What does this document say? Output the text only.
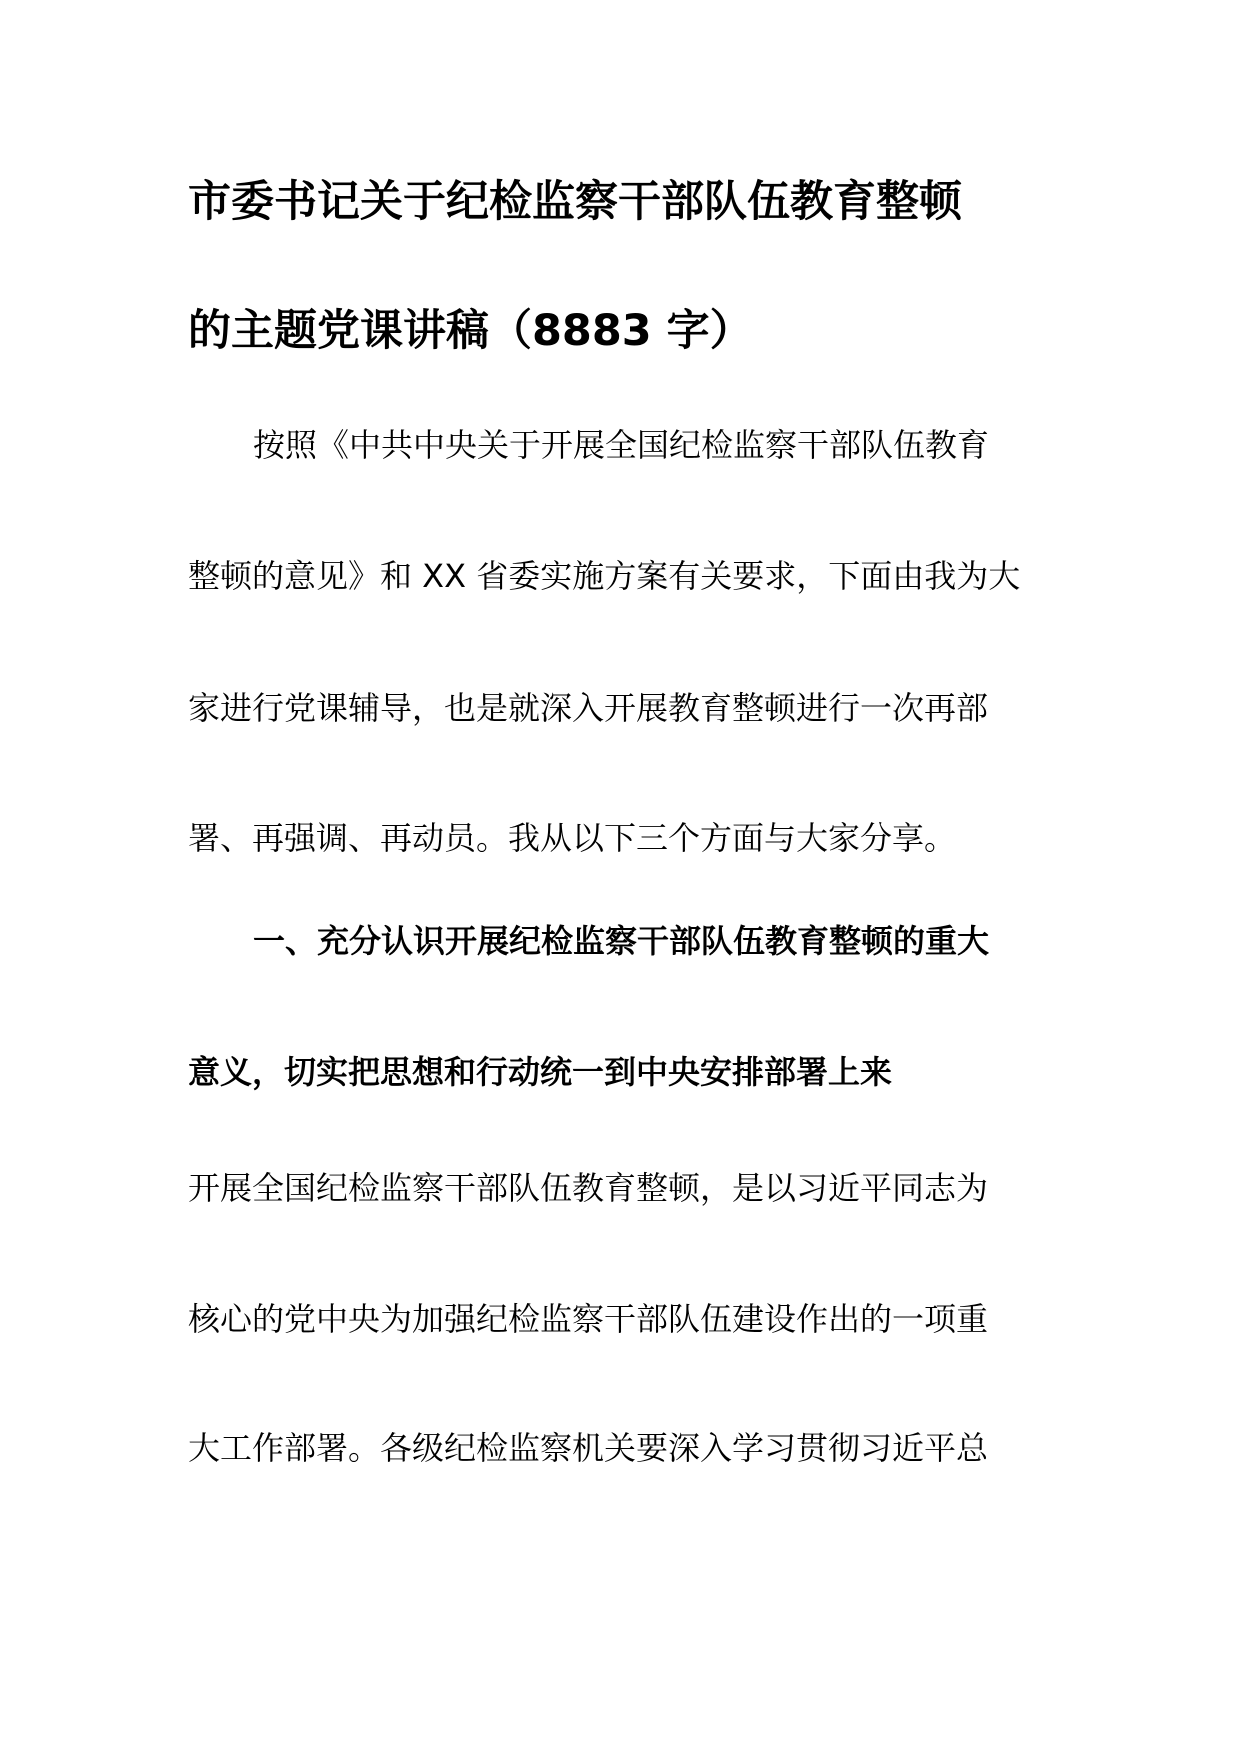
市委书记关于纪检监察干部队伍教育整顿
的主题党课讲稿（8883 字）
按照《中共中央关于开展全国纪检监察干部队伍教育
整顿的意见》和 XX 省委实施方案有关要求，下面由我为大
家进行党课辅导，也是就深入开展教育整顿进行一次再部
署、再强调、再动员。我从以下三个方面与大家分享。
一、充分认识开展纪检监察干部队伍教育整顿的重大
意义，切实把思想和行动统一到中央安排部署上来
开展全国纪检监察干部队伍教育整顿，是以习近平同志为
核心的党中央为加强纪检监察干部队伍建设作出的一项重
大工作部署。各级纪检监察机关要深入学习贯彻习近平总
